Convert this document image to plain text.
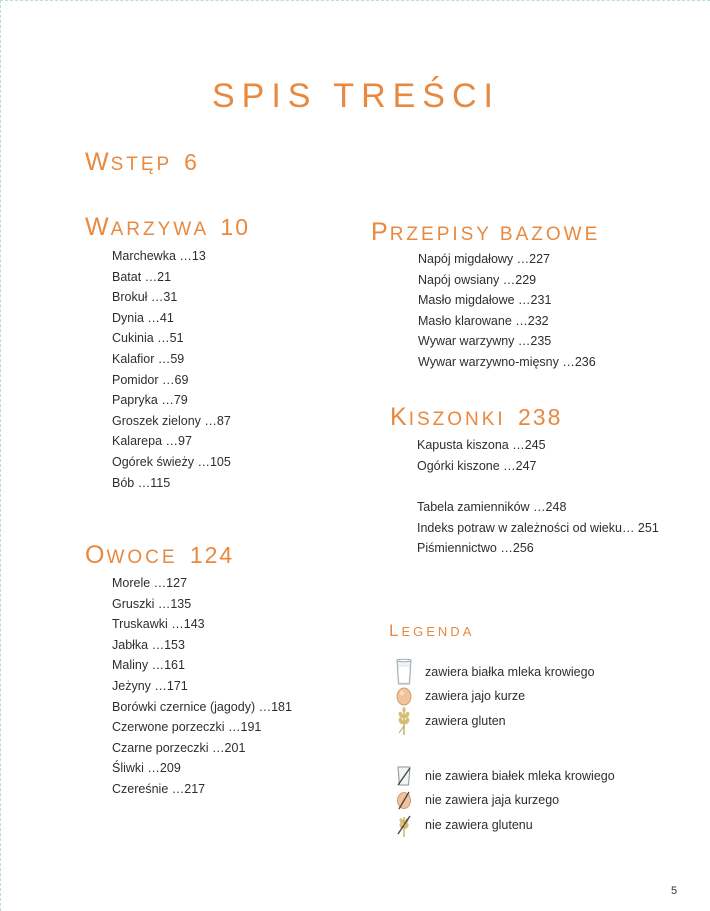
SPIS TREŚCI
WSTĘP 6
WARZYWA 10
Marchewka …13
Batat …21
Brokuł …31
Dynia …41
Cukinia …51
Kalafior …59
Pomidor …69
Papryka …79
Groszek zielony …87
Kalarepa …97
Ogórek świeży …105
Bób …115
OWOCE 124
Morele …127
Gruszki …135
Truskawki …143
Jabłka …153
Maliny …161
Jeżyny …171
Borówki czernice (jagody) …181
Czerwone porzeczki …191
Czarne porzeczki …201
Śliwki …209
Czereśnie …217
PRZEPISY BAZOWE
Napój migdałowy …227
Napój owsiany …229
Masło migdałowe …231
Masło klarowane …232
Wywar warzywny …235
Wywar warzywno-mięsny …236
KISZONKI 238
Kapusta kiszona …245
Ogórki kiszone …247
Tabela zamienników …248
Indeks potraw w zależności od wieku… 251
Piśmiennictwo …256
LEGENDA
zawiera białka mleka krowiego
zawiera jajo kurze
zawiera gluten
nie zawiera białek mleka krowiego
nie zawiera jaja kurzego
nie zawiera glutenu
5
